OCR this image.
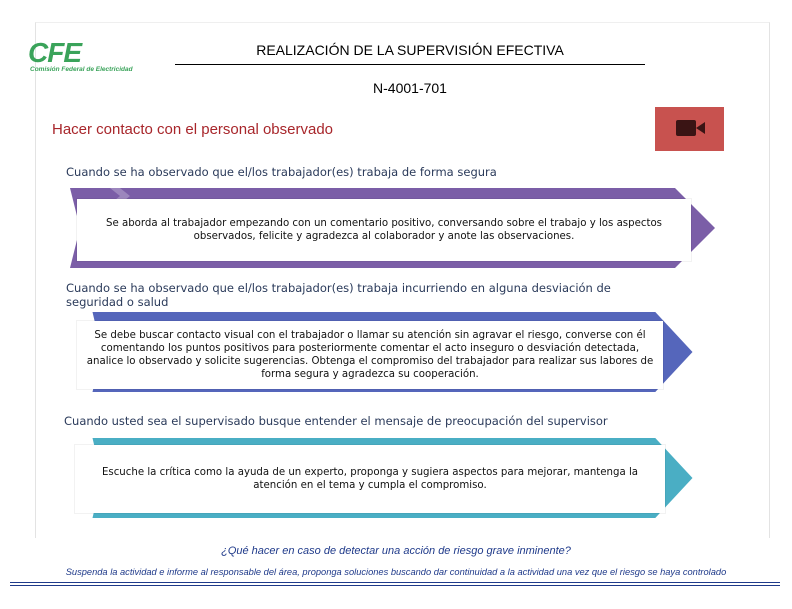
CFE
Comisión Federal de Electricidad
REALIZACIÓN DE LA SUPERVISIÓN EFECTIVA
N-4001-701
Hacer contacto con el personal observado
Cuando se ha observado que el/los trabajador(es) trabaja de forma segura
Se aborda al trabajador empezando con un comentario positivo, conversando sobre el trabajo y los aspectos observados, felicite y agradezca al colaborador y anote las observaciones.
Cuando se ha observado que el/los trabajador(es) trabaja incurriendo en alguna desviación de seguridad o salud
Se debe buscar contacto visual con el trabajador o llamar su atención sin agravar el riesgo, converse con él comentando los puntos positivos para posteriormente comentar el acto inseguro o desviación detectada, analice lo observado y solicite sugerencias. Obtenga el compromiso del trabajador para realizar sus labores de forma segura y agradezca su cooperación.
Cuando usted sea el supervisado busque entender el mensaje de preocupación del supervisor
Escuche la crítica como la ayuda de un experto, proponga y sugiera aspectos para mejorar, mantenga la atención en el tema y cumpla el compromiso.
¿Qué hacer en caso de detectar una acción de riesgo grave inminente?
Suspenda la actividad e informe al responsable del área, proponga soluciones buscando dar continuidad a la actividad una vez que el riesgo se haya controlado
